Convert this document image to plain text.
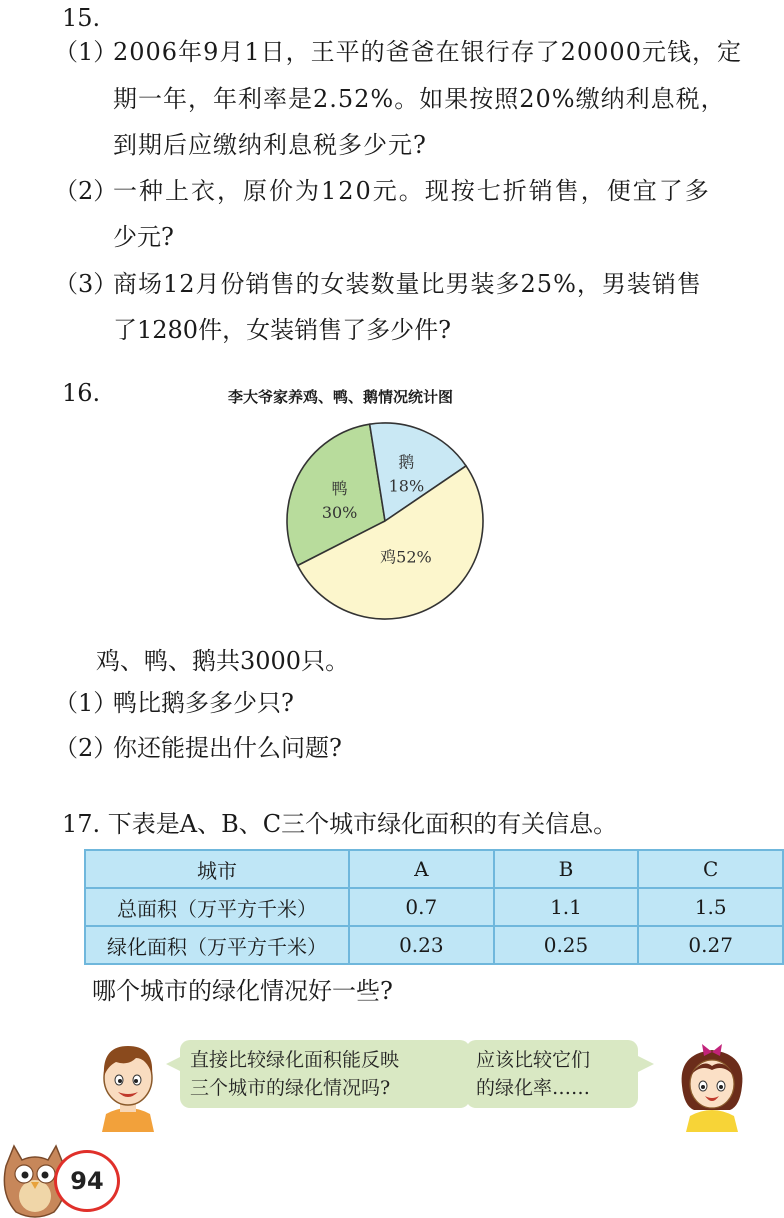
15.
（1）
2006年9月1日，王平的爸爸在银行存了20000元钱，定
期一年，年利率是2.52%。如果按照20%缴纳利息税，
到期后应缴纳利息税多少元?
（2）
一种上衣，原价为120元。现按七折销售，便宜了多
少元?
（3）
商场12月份销售的女装数量比男装多25%，男装销售
了1280件，女装销售了多少件?
16.	李大爷家养鸡、鸭、鹅情况统计图
鸭
30%
鹅
18%
鸡52%
鸡、鸭、鹅共3000只。
（1）
鸭比鹅多多少只?
（2）
你还能提出什么问题?
17. 下表是A、B、C三个城市绿化面积的有关信息。
城市	A	B	C
总面积（万平方千米）	0.7	1.1	1.5
绿化面积（万平方千米）	0.23	0.25	0.27
哪个城市的绿化情况好一些?
直接比较绿化面积能反映
三个城市的绿化情况吗?
应该比较它们
的绿化率……
94
